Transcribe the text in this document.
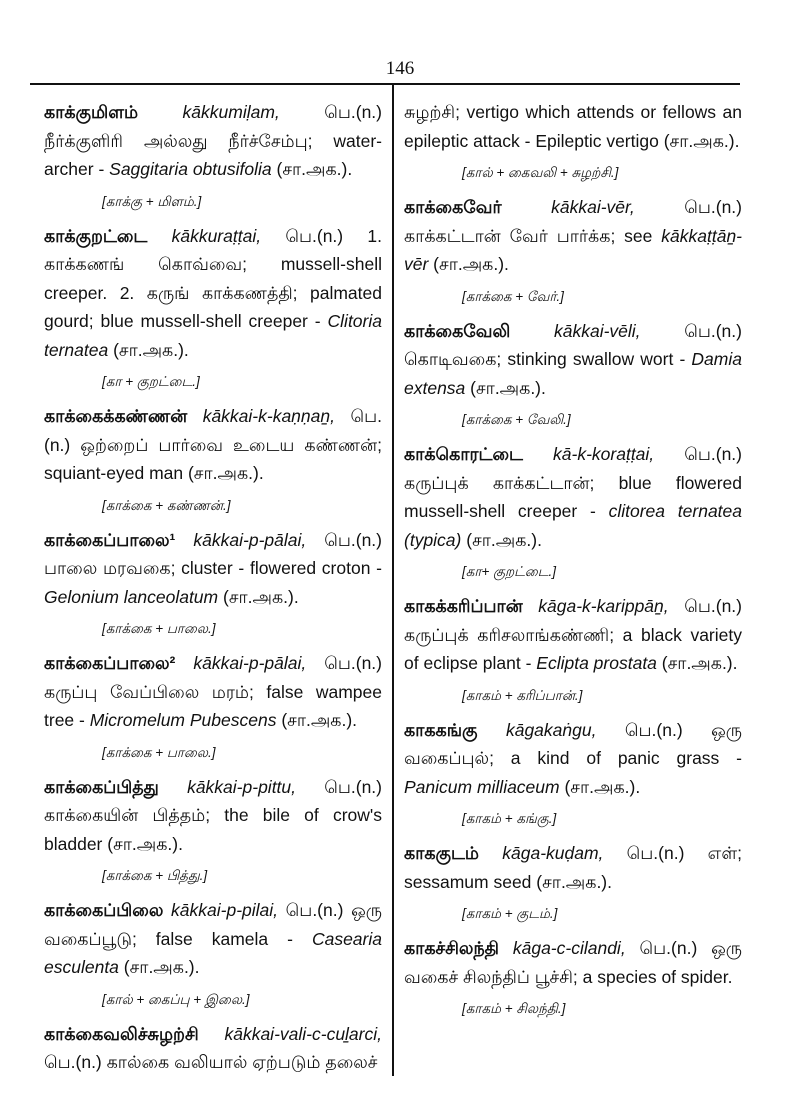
146
காக்குமிளம்	kākkumiḷam, பெ.(n.) நீர்க்குளிரி அல்லது நீர்ச்சேம்பு; water-archer - Saggitaria obtusifolia (சா.அக.).
[காக்கு + மிளம்.]
காக்குறட்டை kākkuraṭṭai, பெ.(n.) 1. காக்கணங் கொவ்வை; mussell-shell creeper. 2. கருங் காக்கணத்தி; palmated gourd; blue mussell-shell creeper - Clitoria ternatea (சா.அக.).
[கா + குறட்டை.]
காக்கைக்கண்ணன் kākkai-k-kaṇṇaṉ, பெ.(n.) ஒற்றைப் பார்வை உடைய கண்ணன்; squiant-eyed man (சா.அக.).
[காக்கை + கண்ணன்.]
காக்கைப்பாலை¹ kākkai-p-pālai, பெ.(n.) பாலை மரவகை; cluster - flowered croton - Gelonium lanceolatum (சா.அக.).
[காக்கை + பாலை.]
காக்கைப்பாலை² kākkai-p-pālai, பெ.(n.) கருப்பு வேப்பிலை மரம்; false wampee tree - Micromelum Pubescens (சா.அக.).
[காக்கை + பாலை.]
காக்கைப்பித்து kākkai-p-pittu, பெ.(n.) காக்கையின் பித்தம்; the bile of crow's bladder (சா.அக.).
[காக்கை + பித்து.]
காக்கைப்பிலை kākkai-p-pilai, பெ.(n.) ஒரு வகைப்பூடு; false kamela - Casearia esculenta (சா.அக.).
[கால் + கைப்பு + இலை.]
காக்கைவலிச்சுழற்சி kākkai-vali-c-cuḻarci, பெ.(n.) கால்கை வலியால் ஏற்படும் தலைச்
சுழற்சி; vertigo which attends or fellows an epileptic attack - Epileptic vertigo (சா.அக.).
[கால் + கைவலி + சுழற்சி.]
காக்கைவேர்	kākkai-vēr, பெ.(n.) காக்கட்டான் வேர் பார்க்க; see kākkaṭṭāṉ-vēr (சா.அக.).
[காக்கை + வேர்.]
காக்கைவேலி kākkai-vēli, பெ.(n.) கொடிவகை; stinking swallow wort - Damia extensa (சா.அக.).
[காக்கை + வேலி.]
காக்கொரட்டை kā-k-koraṭṭai, பெ.(n.) கருப்புக் காக்கட்டான்; blue flowered mussell-shell creeper - clitorea ternatea (typica) (சா.அக.).
[கா+ குறட்டை.]
காகக்கரிப்பான் kāga-k-karippāṉ, பெ.(n.) கருப்புக் கரிசலாங்கண்ணி; a black variety of eclipse plant - Eclipta prostata (சா.அக.).
[காகம் + கரிப்பான்.]
காககங்கு kāgakaṅgu, பெ.(n.) ஒரு வகைப்புல்; a kind of panic grass - Panicum milliaceum (சா.அக.).
[காகம் + கங்கு.]
காககுடம் kāga-kuḍam, பெ.(n.) எள்; sessamum seed (சா.அக.).
[காகம் + குடம்.]
காகச்சிலந்தி kāga-c-cilandi, பெ.(n.) ஒரு வகைச் சிலந்திப் பூச்சி; a species of spider.
[காகம் + சிலந்தி.]
